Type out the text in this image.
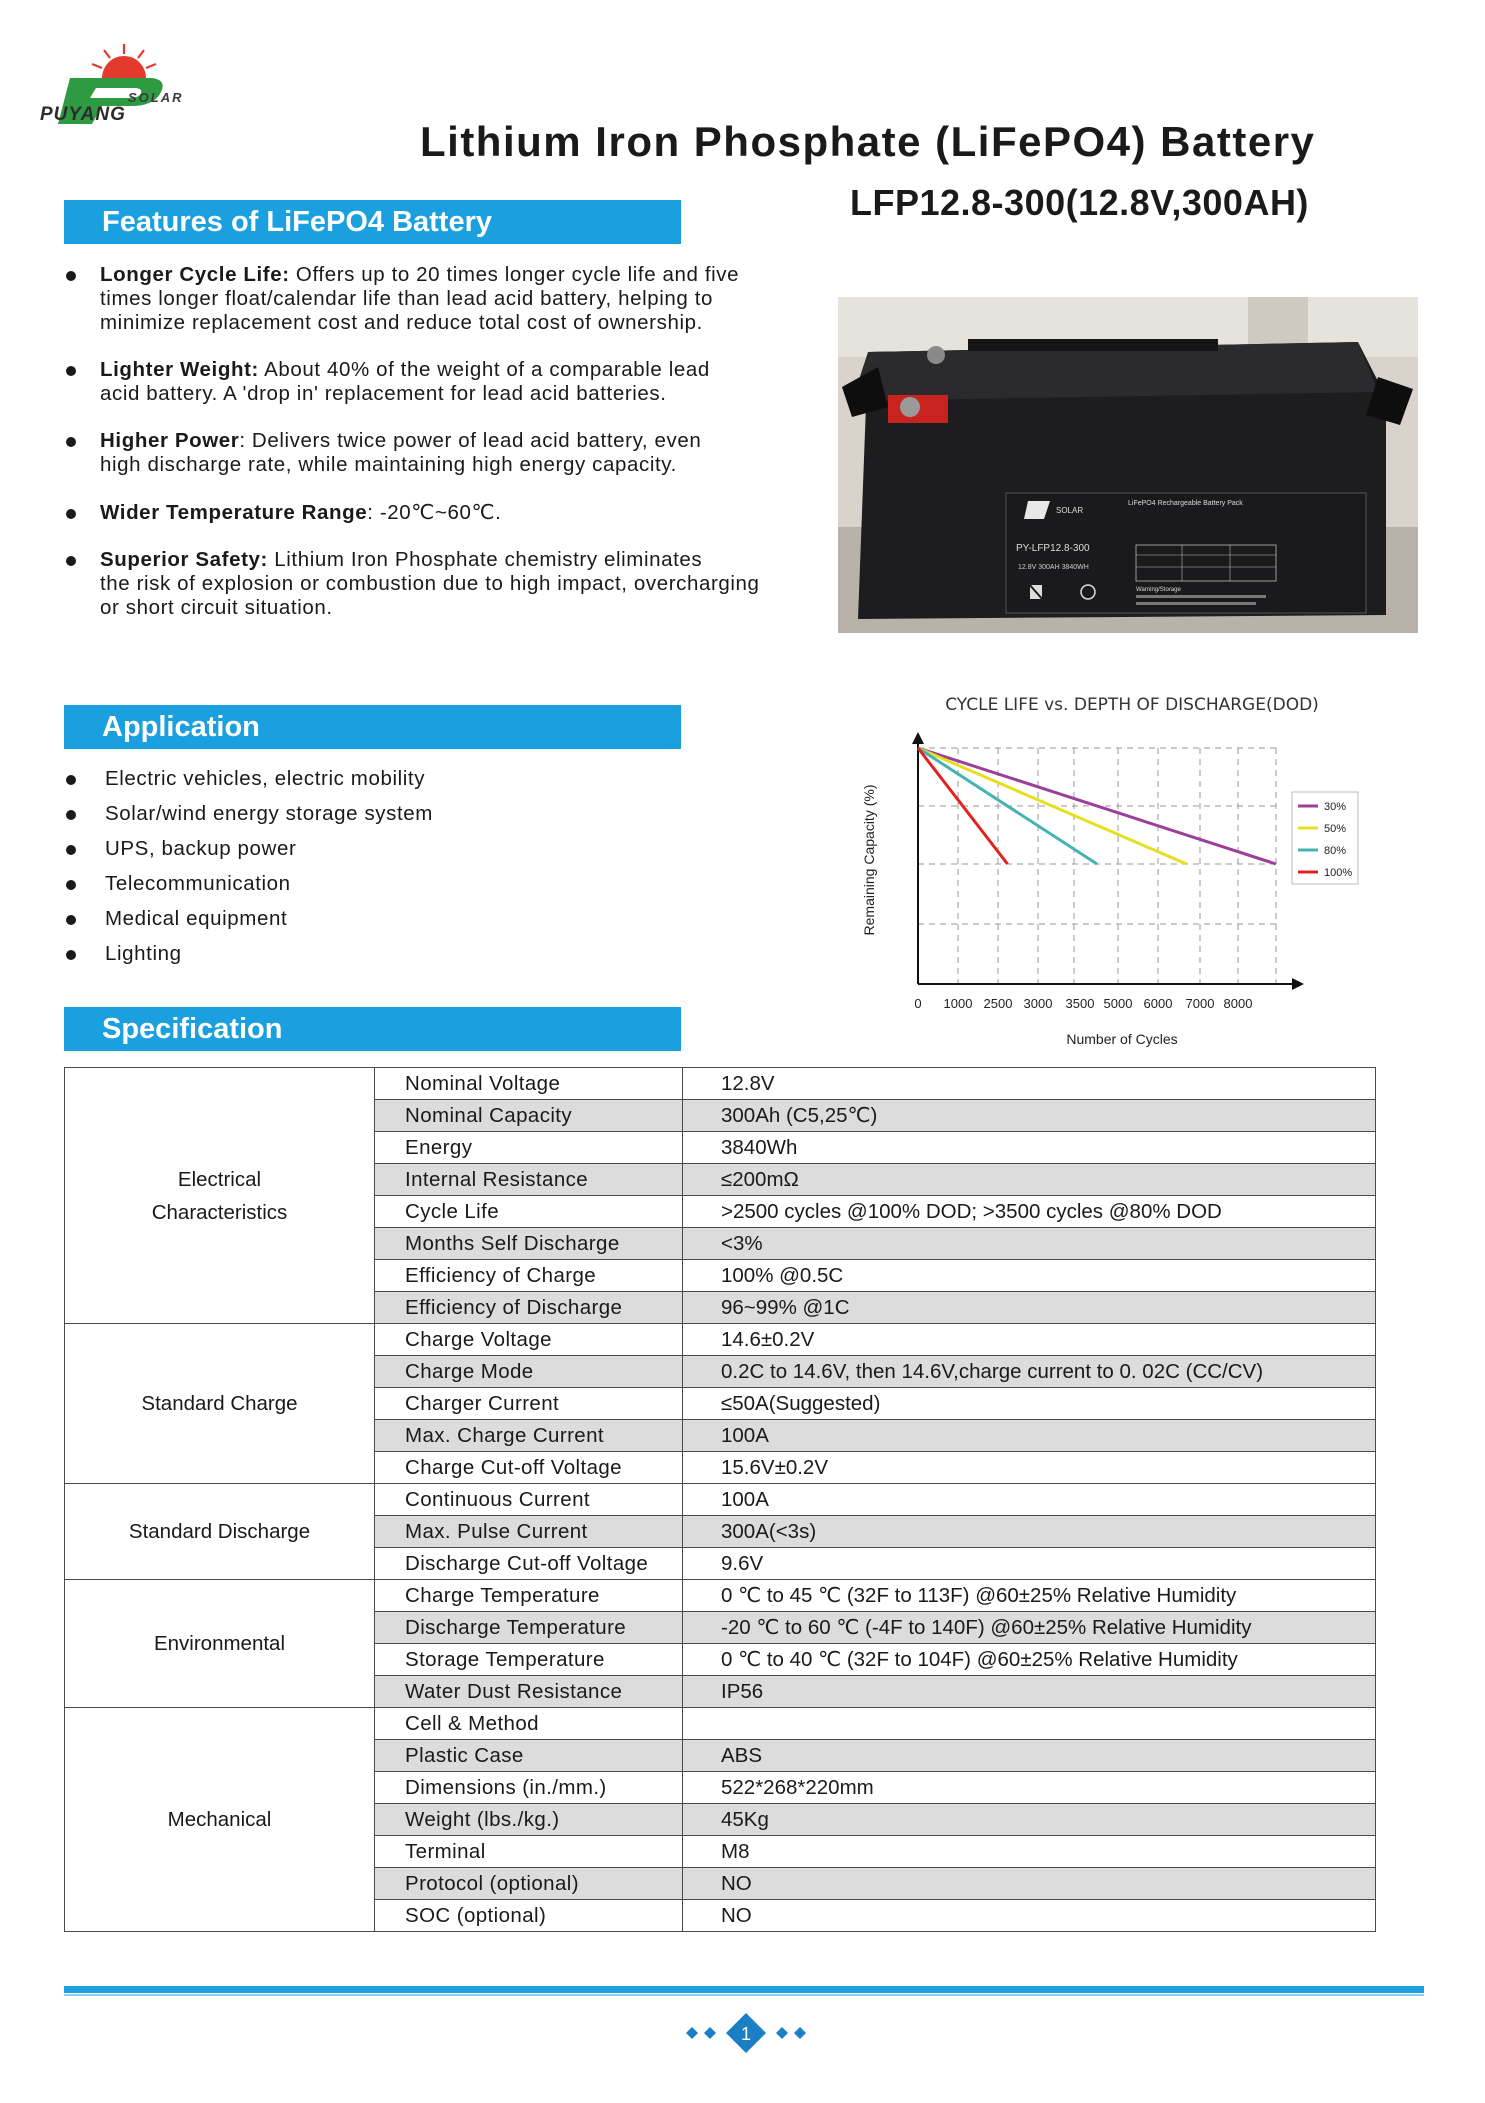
SOLAR
PUYANG
Lithium Iron Phosphate (LiFePO4) Battery
LFP12.8-300(12.8V,300AH)
Features of LiFePO4 Battery
Longer Cycle Life: Offers up to 20 times longer cycle life and five
times longer float/calendar life than lead acid battery, helping to
minimize replacement cost and reduce total cost of ownership.
Lighter Weight: About 40% of the weight of a comparable lead
acid battery. A 'drop in' replacement for lead acid batteries.
Higher Power: Delivers twice power of lead acid battery, even
high discharge rate, while maintaining high energy capacity.
Wider Temperature Range: -20℃~60℃.
Superior Safety: Lithium Iron Phosphate chemistry eliminates
the risk of explosion or combustion due to high impact, overcharging
or short circuit situation.
SOLAR
LiFePO4 Rechargeable Battery Pack
PY-LFP12.8-300
12.8V 300AH 3840WH
Warning/Storage
Application
Electric vehicles, electric mobility
Solar/wind energy storage system
UPS, backup power
Telecommunication
Medical equipment
Lighting
CYCLE LIFE vs. DEPTH OF DISCHARGE(DOD)
0 1000 2500 3000 3500 5000 6000 7000 8000
Number of Cycles
Remaining Capacity (%)	30%
50%
80%
100%
Specification
Electrical
Characteristics	Nominal Voltage	12.8V
	Nominal Capacity	300Ah (C5,25℃)
	Energy	3840Wh
	Internal Resistance	≤200mΩ
	Cycle Life	>2500 cycles @100% DOD; >3500 cycles @80% DOD
	Months Self Discharge	<3%
	Efficiency of Charge	100% @0.5C
	Efficiency of Discharge	96~99% @1C

Standard Charge	Charge Voltage	14.6±0.2V
	Charge Mode	0.2C to 14.6V, then 14.6V,charge current to 0. 02C (CC/CV)
	Charger Current	≤50A(Suggested)
	Max. Charge Current	100A
	Charge Cut-off Voltage	15.6V±0.2V

Standard Discharge	Continuous Current	100A
	Max. Pulse Current	300A(<3s)
	Discharge Cut-off Voltage	9.6V

Environmental	Charge Temperature	0 ℃ to 45 ℃ (32F to 113F) @60±25% Relative Humidity
	Discharge Temperature	-20 ℃ to 60 ℃ (-4F to 140F) @60±25% Relative Humidity
	Storage Temperature	0 ℃ to 40 ℃ (32F to 104F) @60±25% Relative Humidity
	Water Dust Resistance	IP56

Mechanical	Cell & Method	
	Plastic Case	ABS
	Dimensions (in./mm.)	522*268*220mm
	Weight (lbs./kg.)	45Kg
	Terminal	M8
	Protocol (optional)	NO
	SOC (optional)	NO
1
